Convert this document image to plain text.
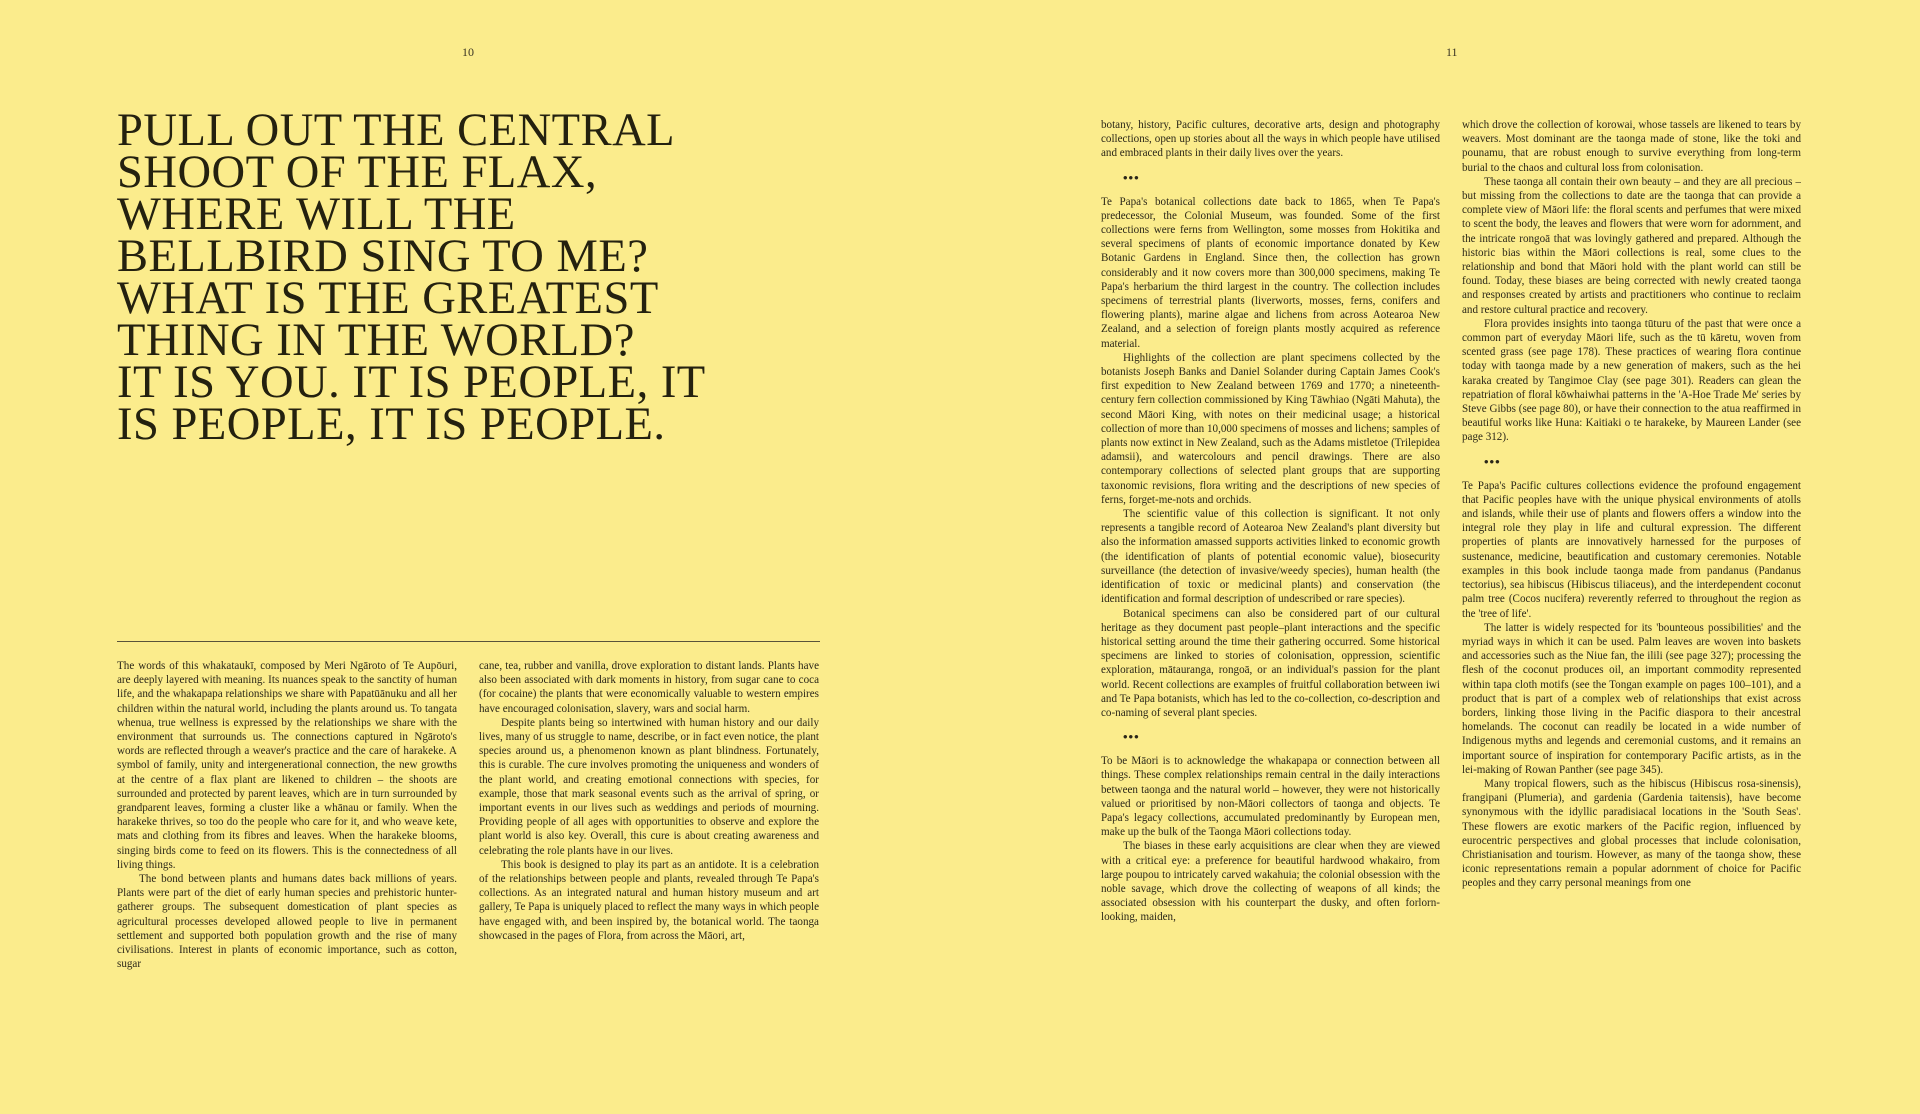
10	11
PULL OUT THE CENTRAL
SHOOT OF THE FLAX,
WHERE WILL THE
BELLBIRD SING TO ME?
WHAT IS THE GREATEST
THING IN THE WORLD?
IT IS YOU. IT IS PEOPLE, IT
IS PEOPLE, IT IS PEOPLE.

The words of this whakataukī, composed by Meri Ngāroto of Te Aupōuri, are deeply layered with meaning. Its nuances speak to the sanctity of human life, and the whakapapa relationships we share with Papatūānuku and all her children within the natural world, including the plants around us. To tangata whenua, true wellness is expressed by the relationships we share with the environment that surrounds us. The connections captured in Ngāroto's words are reflected through a weaver's practice and the care of harakeke. A symbol of family, unity and intergenerational connection, the new growths at the centre of a flax plant are likened to children – the shoots are surrounded and protected by parent leaves, which are in turn surrounded by grandparent leaves, forming a cluster like a whānau or family. When the harakeke thrives, so too do the people who care for it, and who weave kete, mats and clothing from its fibres and leaves. When the harakeke blooms, singing birds come to feed on its flowers. This is the connectedness of all living things.

The bond between plants and humans dates back millions of years. Plants were part of the diet of early human species and prehistoric hunter-gatherer groups. The subsequent domestication of plant species as agricultural processes developed allowed people to live in permanent settlement and supported both population growth and the rise of many civilisations. Interest in plants of economic importance, such as cotton, sugar

cane, tea, rubber and vanilla, drove exploration to distant lands. Plants have also been associated with dark moments in history, from sugar cane to coca (for cocaine) the plants that were economically valuable to western empires have encouraged colonisation, slavery, wars and social harm.

Despite plants being so intertwined with human history and our daily lives, many of us struggle to name, describe, or in fact even notice, the plant species around us, a phenomenon known as plant blindness. Fortunately, this is curable. The cure involves promoting the uniqueness and wonders of the plant world, and creating emotional connections with species, for example, those that mark seasonal events such as the arrival of spring, or important events in our lives such as weddings and periods of mourning. Providing people of all ages with opportunities to observe and explore the plant world is also key. Overall, this cure is about creating awareness and celebrating the role plants have in our lives.

This book is designed to play its part as an antidote. It is a celebration of the relationships between people and plants, revealed through Te Papa's collections. As an integrated natural and human history museum and art gallery, Te Papa is uniquely placed to reflect the many ways in which people have engaged with, and been inspired by, the botanical world. The taonga showcased in the pages of Flora, from across the Māori, art,

botany, history, Pacific cultures, decorative arts, design and photography collections, open up stories about all the ways in which people have utilised and embraced plants in their daily lives over the years.

•••

Te Papa's botanical collections date back to 1865, when Te Papa's predecessor, the Colonial Museum, was founded. Some of the first collections were ferns from Wellington, some mosses from Hokitika and several specimens of plants of economic importance donated by Kew Botanic Gardens in England. Since then, the collection has grown considerably and it now covers more than 300,000 specimens, making Te Papa's herbarium the third largest in the country. The collection includes specimens of terrestrial plants (liverworts, mosses, ferns, conifers and flowering plants), marine algae and lichens from across Aotearoa New Zealand, and a selection of foreign plants mostly acquired as reference material.

Highlights of the collection are plant specimens collected by the botanists Joseph Banks and Daniel Solander during Captain James Cook's first expedition to New Zealand between 1769 and 1770; a nineteenth-century fern collection commissioned by King Tāwhiao (Ngāti Mahuta), the second Māori King, with notes on their medicinal usage; a historical collection of more than 10,000 specimens of mosses and lichens; samples of plants now extinct in New Zealand, such as the Adams mistletoe (Trilepidea adamsii), and watercolours and pencil drawings. There are also contemporary collections of selected plant groups that are supporting taxonomic revisions, flora writing and the descriptions of new species of ferns, forget-me-nots and orchids.

The scientific value of this collection is significant. It not only represents a tangible record of Aotearoa New Zealand's plant diversity but also the information amassed supports activities linked to economic growth (the identification of plants of potential economic value), biosecurity surveillance (the detection of invasive/weedy species), human health (the identification of toxic or medicinal plants) and conservation (the identification and formal description of undescribed or rare species).

Botanical specimens can also be considered part of our cultural heritage as they document past people–plant interactions and the specific historical setting around the time their gathering occurred. Some historical specimens are linked to stories of colonisation, oppression, scientific exploration, mātauranga, rongoā, or an individual's passion for the plant world. Recent collections are examples of fruitful collaboration between iwi and Te Papa botanists, which has led to the co-collection, co-description and co-naming of several plant species.

•••

To be Māori is to acknowledge the whakapapa or connection between all things. These complex relationships remain central in the daily interactions between taonga and the natural world – however, they were not historically valued or prioritised by non-Māori collectors of taonga and objects. Te Papa's legacy collections, accumulated predominantly by European men, make up the bulk of the Taonga Māori collections today.

The biases in these early acquisitions are clear when they are viewed with a critical eye: a preference for beautiful hardwood whakairo, from large poupou to intricately carved wakahuia; the colonial obsession with the noble savage, which drove the collecting of weapons of all kinds; the associated obsession with his counterpart the dusky, and often forlorn-looking, maiden,

which drove the collection of korowai, whose tassels are likened to tears by weavers. Most dominant are the taonga made of stone, like the toki and pounamu, that are robust enough to survive everything from long-term burial to the chaos and cultural loss from colonisation.

These taonga all contain their own beauty – and they are all precious – but missing from the collections to date are the taonga that can provide a complete view of Māori life: the floral scents and perfumes that were mixed to scent the body, the leaves and flowers that were worn for adornment, and the intricate rongoā that was lovingly gathered and prepared. Although the historic bias within the Māori collections is real, some clues to the relationship and bond that Māori hold with the plant world can still be found. Today, these biases are being corrected with newly created taonga and responses created by artists and practitioners who continue to reclaim and restore cultural practice and recovery.

Flora provides insights into taonga tūturu of the past that were once a common part of everyday Māori life, such as the tū kāretu, woven from scented grass (see page 178). These practices of wearing flora continue today with taonga made by a new generation of makers, such as the hei karaka created by Tangimoe Clay (see page 301). Readers can glean the repatriation of floral kōwhaiwhai patterns in the 'A-Hoe Trade Me' series by Steve Gibbs (see page 80), or have their connection to the atua reaffirmed in beautiful works like Huna: Kaitiaki o te harakeke, by Maureen Lander (see page 312).

•••

Te Papa's Pacific cultures collections evidence the profound engagement that Pacific peoples have with the unique physical environments of atolls and islands, while their use of plants and flowers offers a window into the integral role they play in life and cultural expression. The different properties of plants are innovatively harnessed for the purposes of sustenance, medicine, beautification and customary ceremonies. Notable examples in this book include taonga made from pandanus (Pandanus tectorius), sea hibiscus (Hibiscus tiliaceus), and the interdependent coconut palm tree (Cocos nucifera) reverently referred to throughout the region as the 'tree of life'.

The latter is widely respected for its 'bounteous possibilities' and the myriad ways in which it can be used. Palm leaves are woven into baskets and accessories such as the Niue fan, the ilili (see page 327); processing the flesh of the coconut produces oil, an important commodity represented within tapa cloth motifs (see the Tongan example on pages 100–101), and a product that is part of a complex web of relationships that exist across borders, linking those living in the Pacific diaspora to their ancestral homelands. The coconut can readily be located in a wide number of Indigenous myths and legends and ceremonial customs, and it remains an important source of inspiration for contemporary Pacific artists, as in the lei-making of Rowan Panther (see page 345).

Many tropical flowers, such as the hibiscus (Hibiscus rosa-sinensis), frangipani (Plumeria), and gardenia (Gardenia taitensis), have become synonymous with the idyllic paradisiacal locations in the 'South Seas'. These flowers are exotic markers of the Pacific region, influenced by eurocentric perspectives and global processes that include colonisation, Christianisation and tourism. However, as many of the taonga show, these iconic representations remain a popular adornment of choice for Pacific peoples and they carry personal meanings from one
